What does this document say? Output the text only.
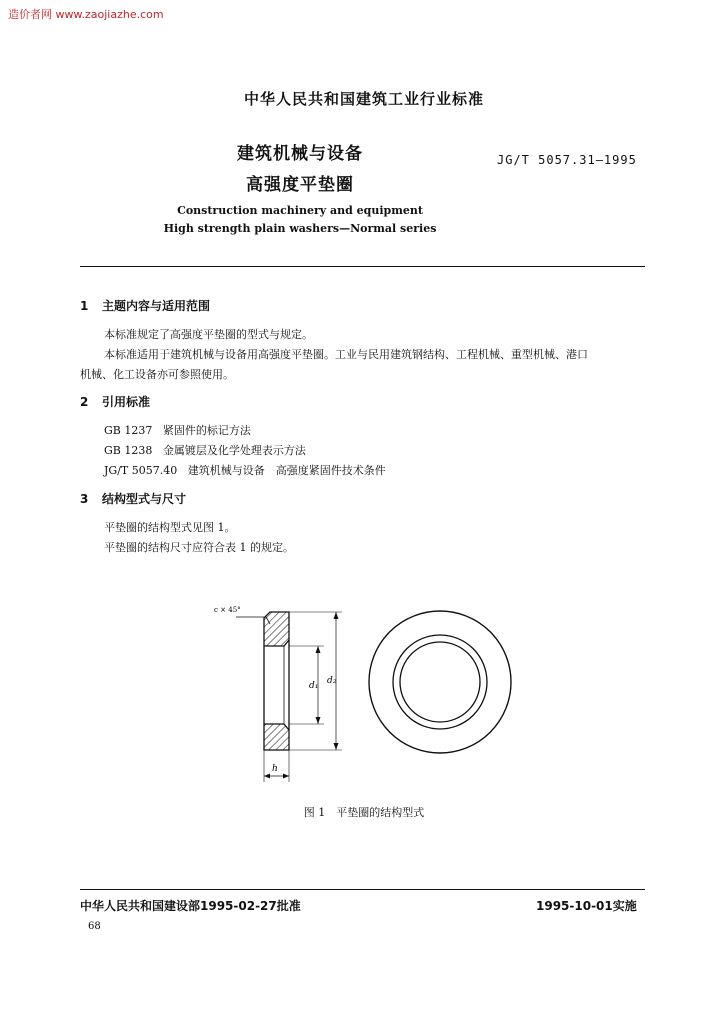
造价者网 www.zaojiazhe.com
中华人民共和国建筑工业行业标准
建筑机械与设备
高强度平垫圈
JG/T 5057.31—1995
Construction machinery and equipment
High strength plain washers—Normal series
1 主题内容与适用范围
本标准规定了高强度平垫圈的型式与规定。
本标准适用于建筑机械与设备用高强度平垫圈。工业与民用建筑钢结构、工程机械、重型机械、港口
机械、化工设备亦可参照使用。
2 引用标准
GB 1237 紧固件的标记方法
GB 1238 金属镀层及化学处理表示方法
JG/T 5057.40 建筑机械与设备　高强度紧固件技术条件
3 结构型式与尺寸
平垫圈的结构型式见图 1。
平垫圈的结构尺寸应符合表 1 的规定。
c × 45°
d₁ d₂
h
图 1　平垫圈的结构型式
中华人民共和国建设部1995-02-27批准	1995-10-01实施
68
